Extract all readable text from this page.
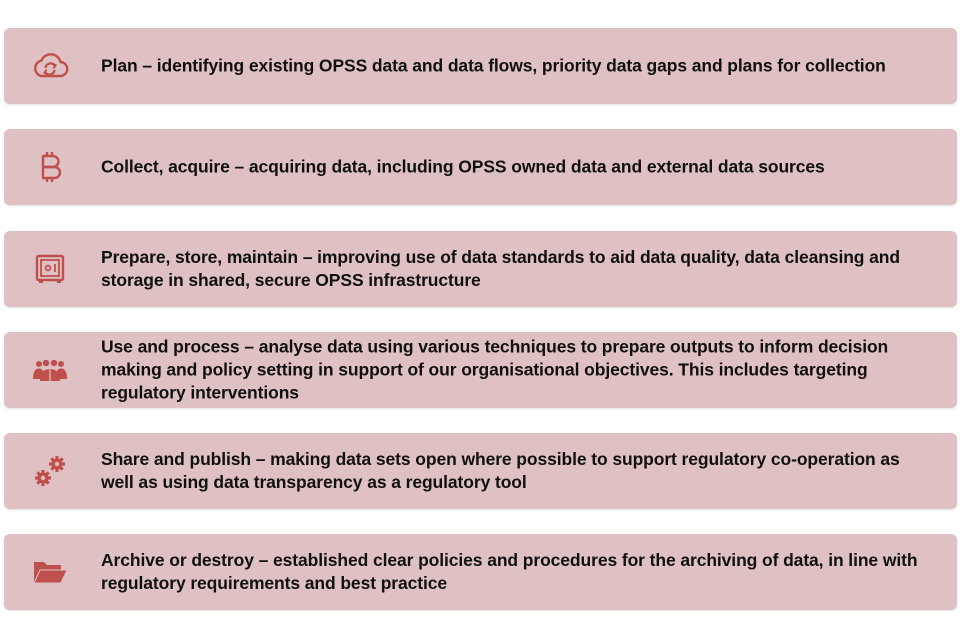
Plan – identifying existing OPSS data and data flows, priority data gaps and plans for collection
Collect, acquire – acquiring data, including OPSS owned data and external data sources
Prepare, store, maintain – improving use of data standards to aid data quality, data cleansing and storage in shared, secure OPSS infrastructure
Use and process – analyse data using various techniques to prepare outputs to inform decision making and policy setting in support of our organisational objectives. This includes targeting regulatory interventions
Share and publish – making data sets open where possible to support regulatory co-operation as well as using data transparency as a regulatory tool
Archive or destroy – established clear policies and procedures for the archiving of data, in line with regulatory requirements and best practice
